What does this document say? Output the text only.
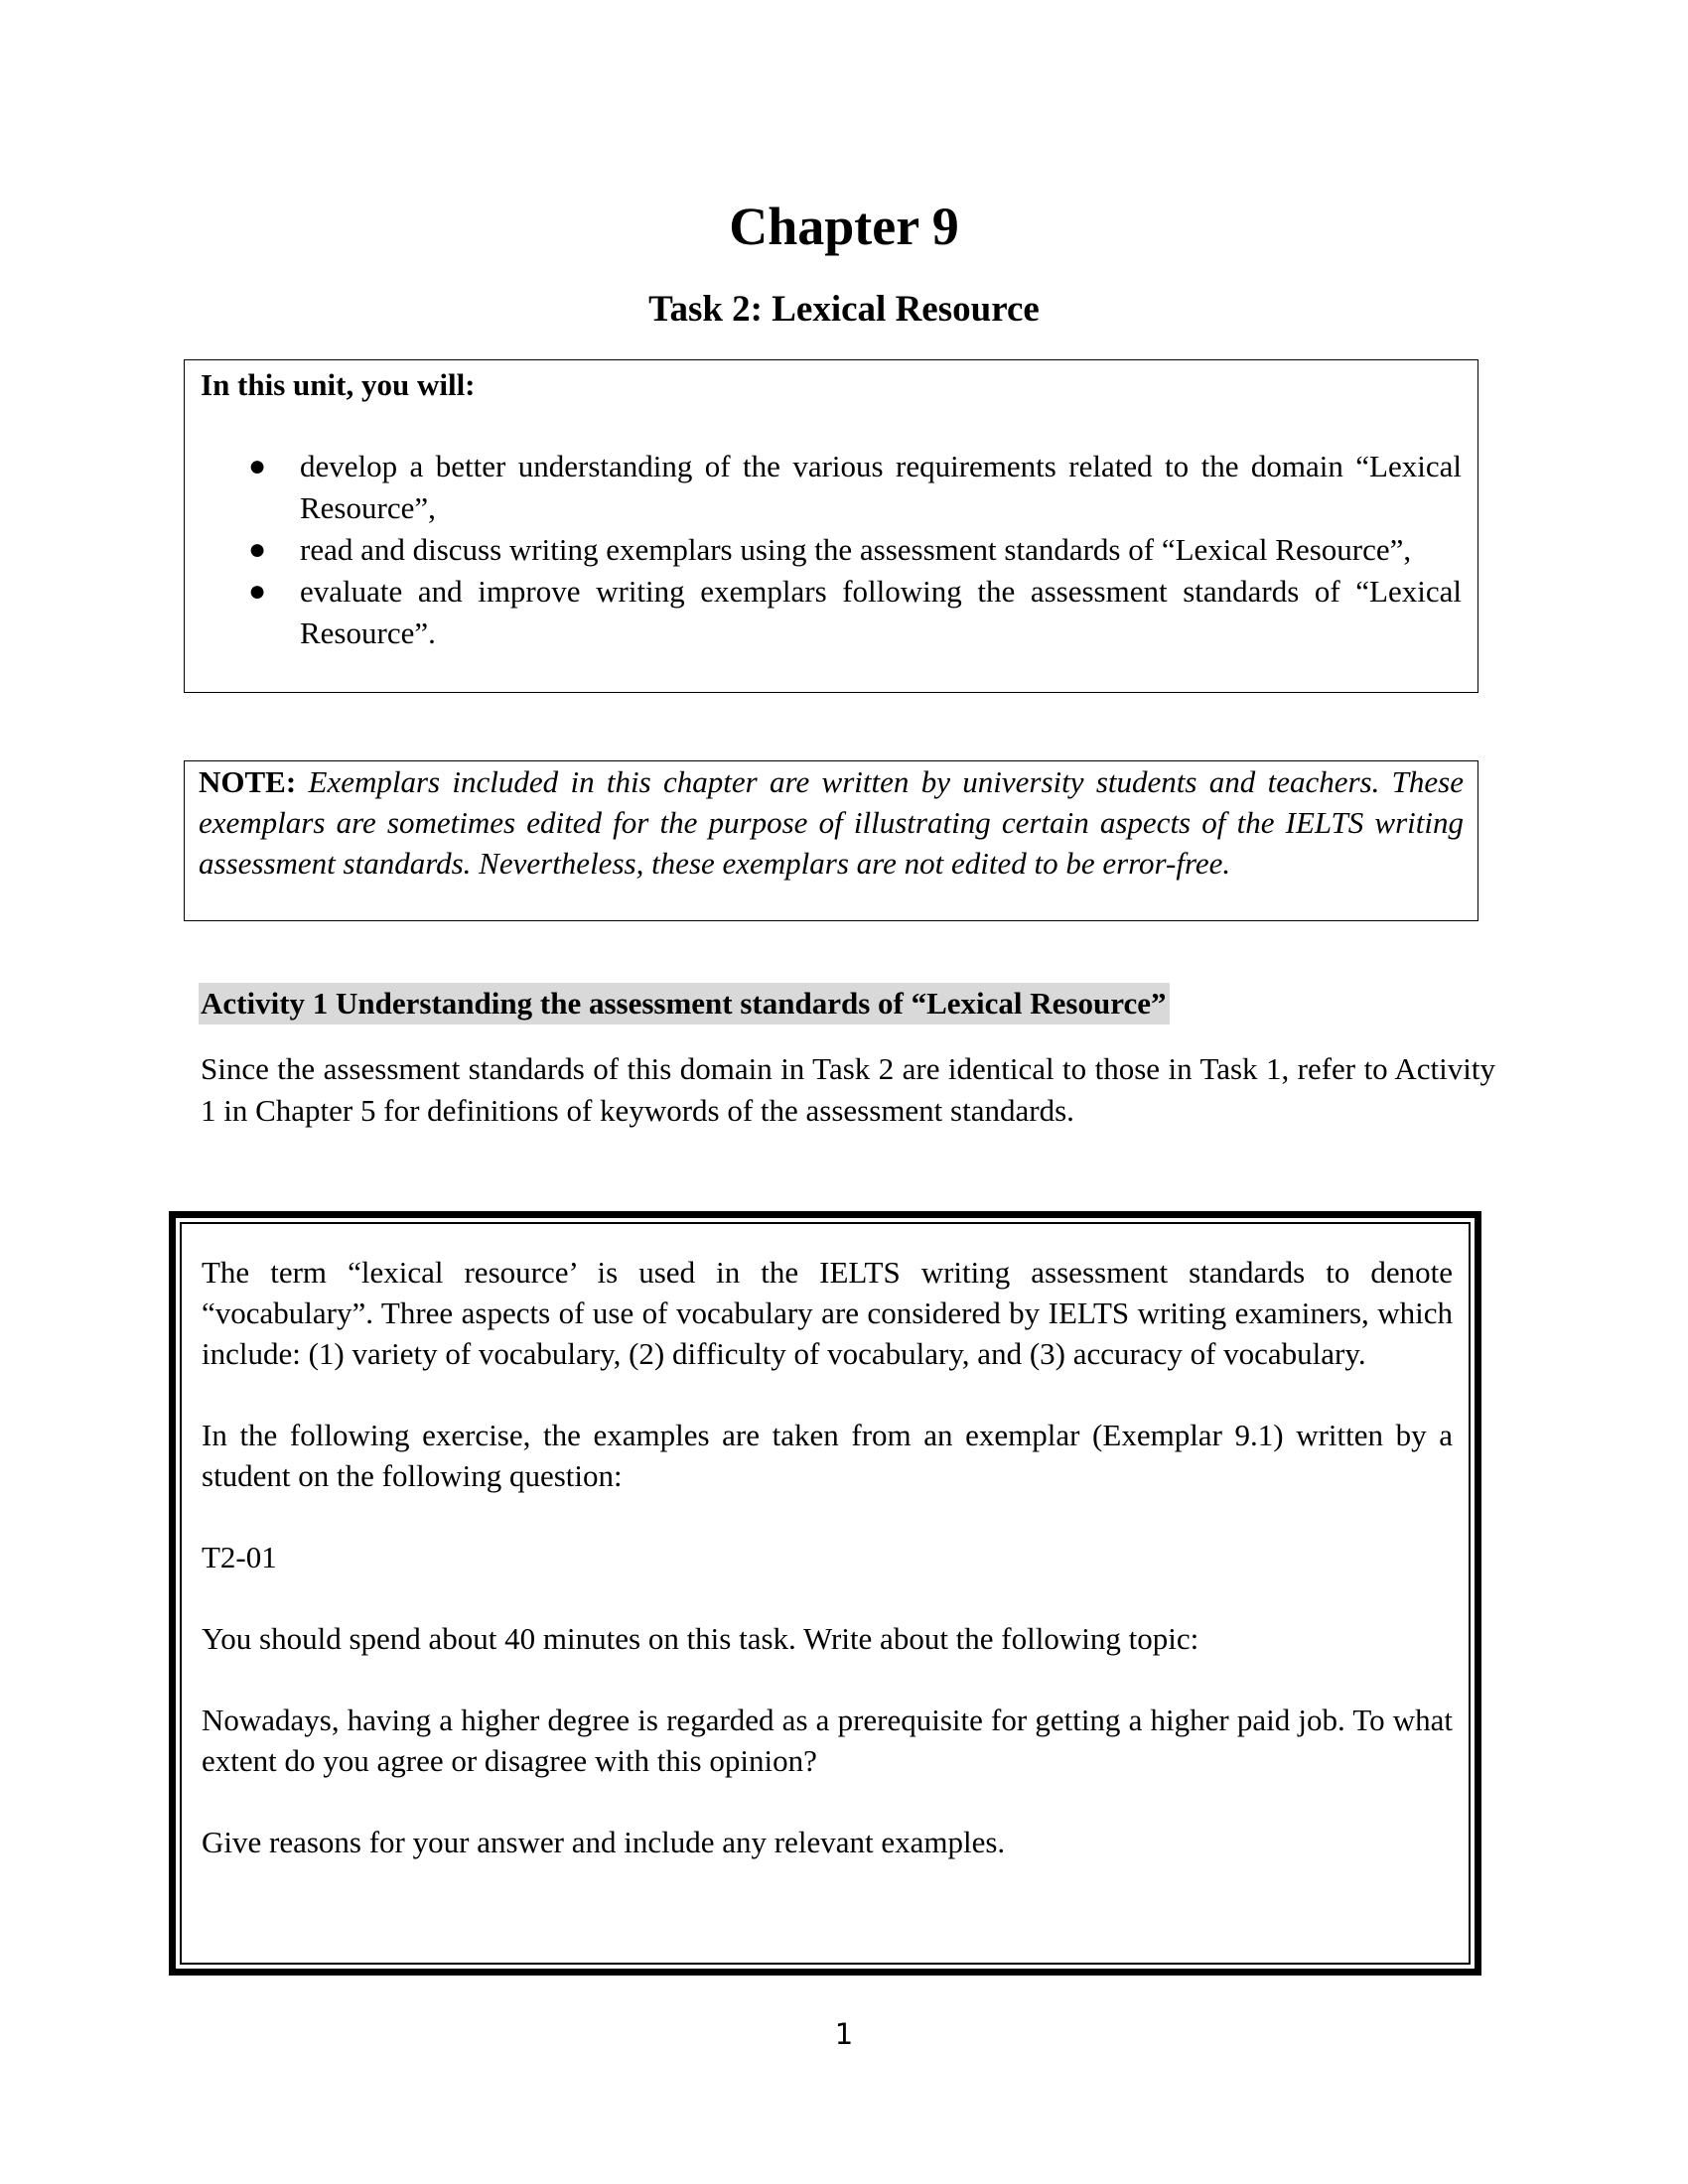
Chapter 9
Task 2: Lexical Resource
In this unit, you will:
● develop a better understanding of the various requirements related to the domain “Lexical Resource”,
● read and discuss writing exemplars using the assessment standards of “Lexical Resource”,
● evaluate and improve writing exemplars following the assessment standards of “Lexical Resource”.
NOTE: Exemplars included in this chapter are written by university students and teachers. These exemplars are sometimes edited for the purpose of illustrating certain aspects of the IELTS writing assessment standards. Nevertheless, these exemplars are not edited to be error-free.
Activity 1 Understanding the assessment standards of “Lexical Resource”

Since the assessment standards of this domain in Task 2 are identical to those in Task 1, refer to Activity 1 in Chapter 5 for definitions of keywords of the assessment standards.

The term “lexical resource’ is used in the IELTS writing assessment standards to denote “vocabulary”. Three aspects of use of vocabulary are considered by IELTS writing examiners, which include: (1) variety of vocabulary, (2) difficulty of vocabulary, and (3) accuracy of vocabulary.

In the following exercise, the examples are taken from an exemplar (Exemplar 9.1) written by a student on the following question:

T2-01

You should spend about 40 minutes on this task. Write about the following topic:

Nowadays, having a higher degree is regarded as a prerequisite for getting a higher paid job. To what extent do you agree or disagree with this opinion?

Give reasons for your answer and include any relevant examples.

1
